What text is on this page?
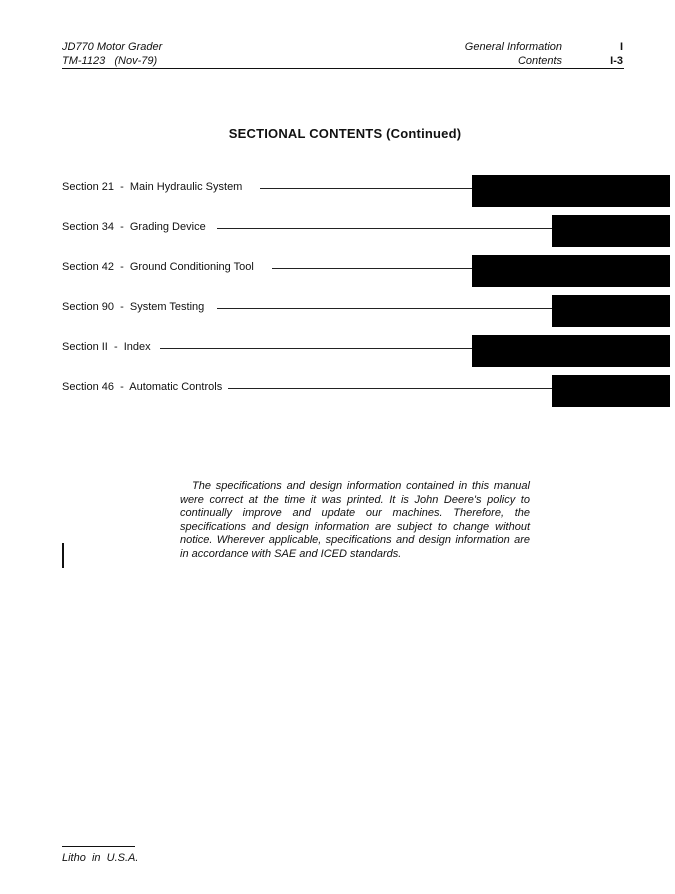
JD770 Motor Grader
TM-1123   (Nov-79)
General Information
Contents
I
I-3
SECTIONAL CONTENTS (Continued)
Section 21  -  Main Hydraulic System
Section 34  -  Grading Device
Section 42  -  Ground Conditioning Tool
Section 90  -  System Testing
Section II  -  Index
Section 46  -  Automatic Controls
The specifications and design information contained in this manual were correct at the time it was printed. It is John Deere's policy to continually improve and update our machines. Therefore, the specifications and design information are subject to change without notice. Wherever applicable, specifications and design information are in accordance with SAE and ICED standards.
Litho  in  U.S.A.
